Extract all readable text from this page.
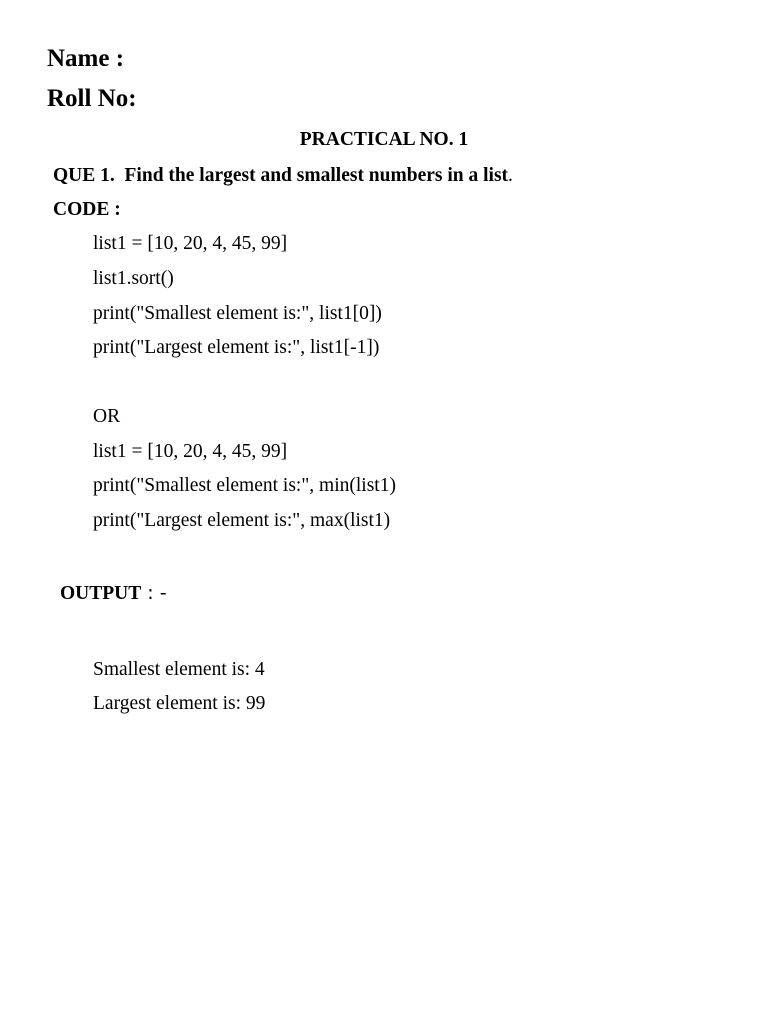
Name :
Roll No:
PRACTICAL NO. 1
QUE 1.  Find the largest and smallest numbers in a list.
CODE :
list1 = [10, 20, 4, 45, 99]
list1.sort()
print("Smallest element is:", list1[0])
print("Largest element is:", list1[-1])
OR
list1 = [10, 20, 4, 45, 99]
print("Smallest element is:", min(list1)
print("Largest element is:", max(list1)
OUTPUT : -
Smallest element is: 4
Largest element is: 99
